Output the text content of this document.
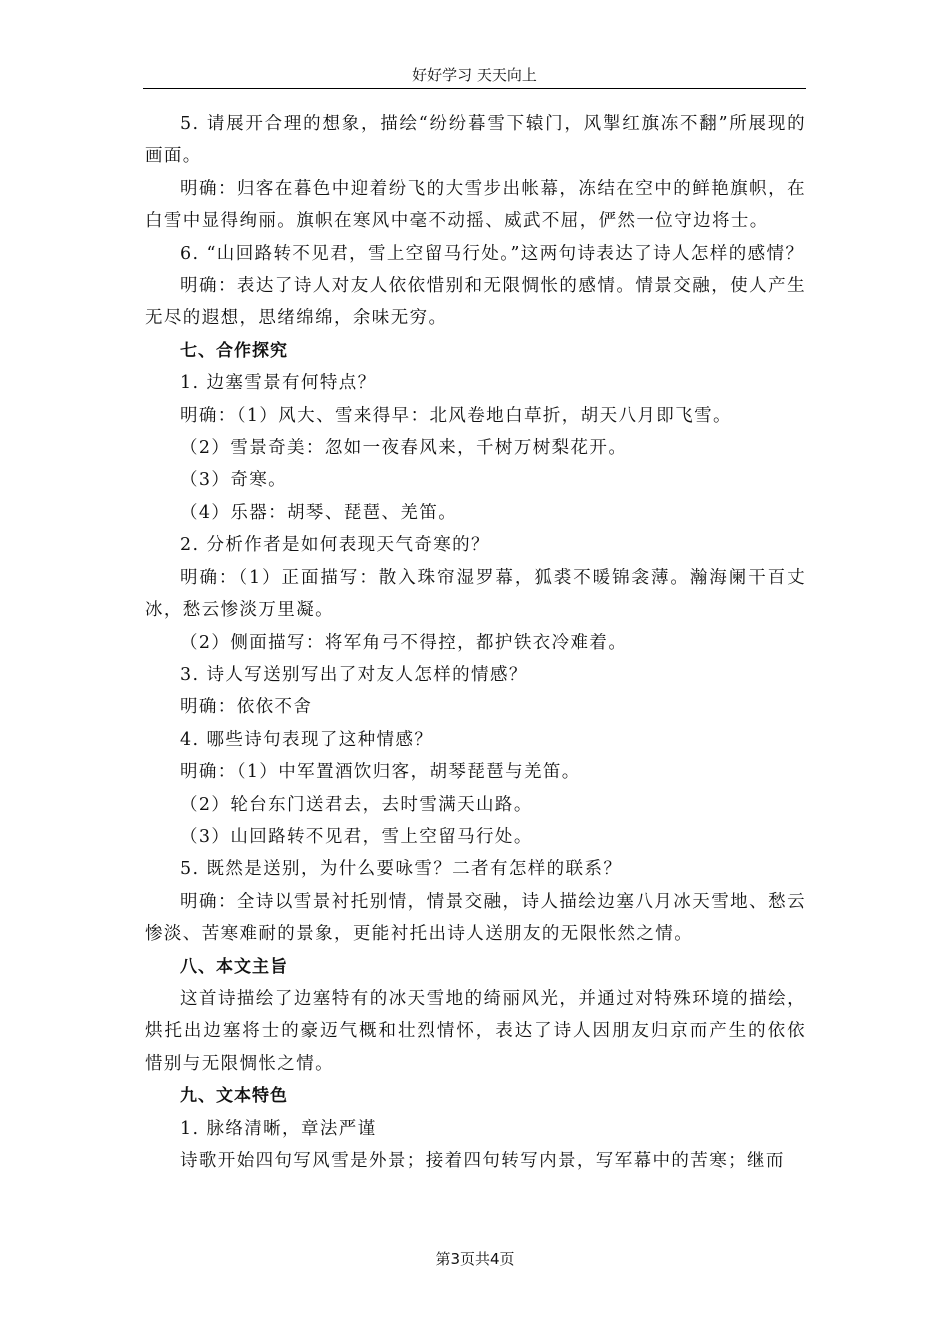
好好学习 天天向上

5. 请展开合理的想象，描绘“纷纷暮雪下辕门，风掣红旗冻不翻”所展现的画面。

明确：归客在暮色中迎着纷飞的大雪步出帐幕，冻结在空中的鲜艳旗帜，在白雪中显得绚丽。旗帜在寒风中毫不动摇、威武不屈，俨然一位守边将士。

6. “山回路转不见君，雪上空留马行处。”这两句诗表达了诗人怎样的感情？

明确：表达了诗人对友人依依惜别和无限惆怅的感情。情景交融，使人产生无尽的遐想，思绪绵绵，余味无穷。

七、合作探究

1. 边塞雪景有何特点？

明确：（1）风大、雪来得早：北风卷地白草折，胡天八月即飞雪。

（2）雪景奇美：忽如一夜春风来，千树万树梨花开。

（3）奇寒。

（4）乐器：胡琴、琵琶、羌笛。

2. 分析作者是如何表现天气奇寒的？

明确：（1）正面描写：散入珠帘湿罗幕，狐裘不暖锦衾薄。瀚海阑干百丈冰，愁云惨淡万里凝。

（2）侧面描写：将军角弓不得控，都护铁衣冷难着。

3. 诗人写送别写出了对友人怎样的情感？

明确：依依不舍

4. 哪些诗句表现了这种情感？

明确：（1）中军置酒饮归客，胡琴琵琶与羌笛。

（2）轮台东门送君去，去时雪满天山路。

（3）山回路转不见君，雪上空留马行处。

5. 既然是送别，为什么要咏雪？二者有怎样的联系？

明确：全诗以雪景衬托别情，情景交融，诗人描绘边塞八月冰天雪地、愁云惨淡、苦寒难耐的景象，更能衬托出诗人送朋友的无限怅然之情。

八、本文主旨

这首诗描绘了边塞特有的冰天雪地的绮丽风光，并通过对特殊环境的描绘，烘托出边塞将士的豪迈气概和壮烈情怀，表达了诗人因朋友归京而产生的依依惜别与无限惆怅之情。

九、文本特色

1. 脉络清晰，章法严谨

诗歌开始四句写风雪是外景；接着四句转写内景，写军幕中的苦寒；继而

第3页共4页
